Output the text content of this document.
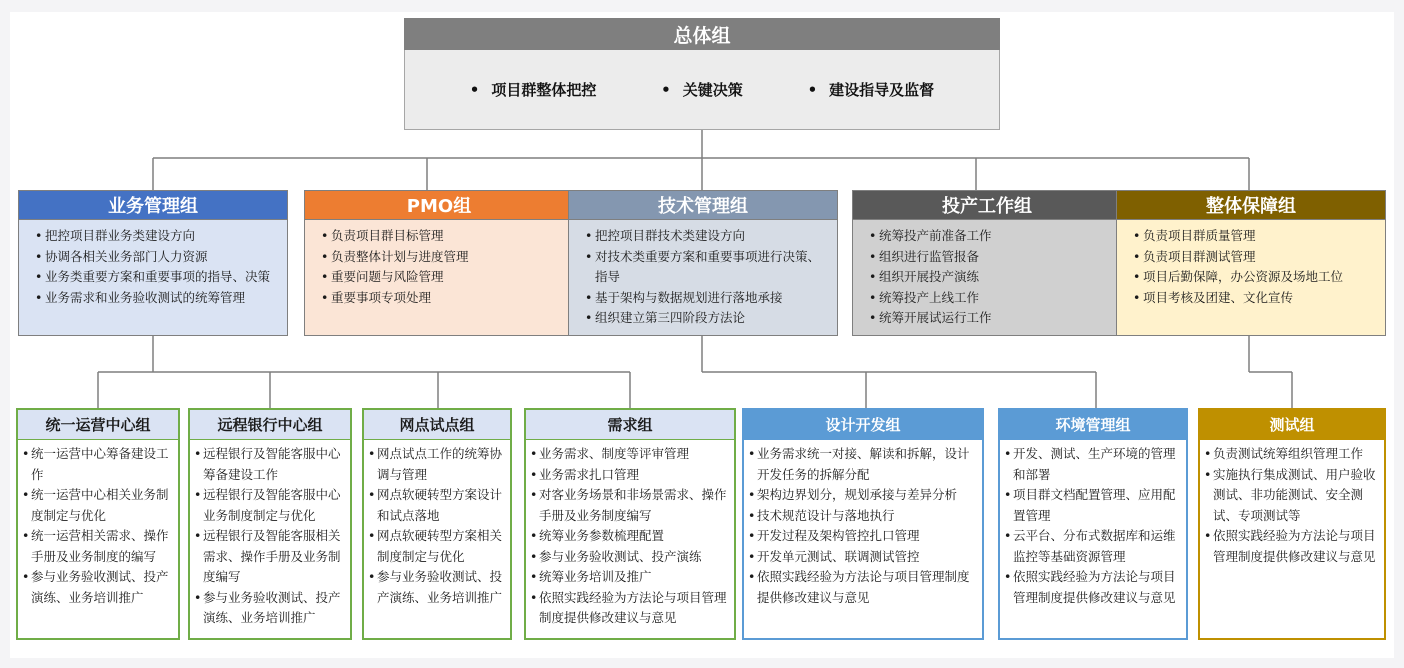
总体组
• 项目群整体把控	• 关键决策	• 建设指导及监督
业务管理组
• 把控项目群业务类建设方向
• 协调各相关业务部门人力资源
• 业务类重要方案和重要事项的指导、决策
• 业务需求和业务验收测试的统筹管理
PMO组
• 负责项目群目标管理
• 负责整体计划与进度管理
• 重要问题与风险管理
• 重要事项专项处理
技术管理组
• 把控项目群技术类建设方向
• 对技术类重要方案和重要事项进行决策、指导
• 基于架构与数据规划进行落地承接
• 组织建立第三四阶段方法论
投产工作组
• 统筹投产前准备工作
• 组织进行监管报备
• 组织开展投产演练
• 统筹投产上线工作
• 统筹开展试运行工作
整体保障组
• 负责项目群质量管理
• 负责项目群测试管理
• 项目后勤保障，办公资源及场地工位
• 项目考核及团建、文化宣传
统一运营中心组
• 统一运营中心筹备建设工作
• 统一运营中心相关业务制度制定与优化
• 统一运营相关需求、操作手册及业务制度的编写
• 参与业务验收测试、投产演练、业务培训推广
远程银行中心组
• 远程银行及智能客服中心筹备建设工作
• 远程银行及智能客服中心业务制度制定与优化
• 远程银行及智能客服相关需求、操作手册及业务制度编写
• 参与业务验收测试、投产演练、业务培训推广
网点试点组
• 网点试点工作的统筹协调与管理
• 网点软硬转型方案设计和试点落地
• 网点软硬转型方案相关制度制定与优化
• 参与业务验收测试、投产演练、业务培训推广
需求组
• 业务需求、制度等评审管理
• 业务需求扎口管理
• 对客业务场景和非场景需求、操作手册及业务制度编写
• 统筹业务参数梳理配置
• 参与业务验收测试、投产演练
• 统筹业务培训及推广
• 依照实践经验为方法论与项目管理制度提供修改建议与意见
设计开发组
• 业务需求统一对接、解读和拆解，设计开发任务的拆解分配
• 架构边界划分，规划承接与差异分析
• 技术规范设计与落地执行
• 开发过程及架构管控扎口管理
• 开发单元测试、联调测试管控
• 依照实践经验为方法论与项目管理制度提供修改建议与意见
环境管理组
• 开发、测试、生产环境的管理和部署
• 项目群文档配置管理、应用配置管理
• 云平台、分布式数据库和运维监控等基础资源管理
• 依照实践经验为方法论与项目管理制度提供修改建议与意见
测试组
• 负责测试统筹组织管理工作
• 实施执行集成测试、用户验收测试、非功能测试、安全测试、专项测试等
• 依照实践经验为方法论与项目管理制度提供修改建议与意见
